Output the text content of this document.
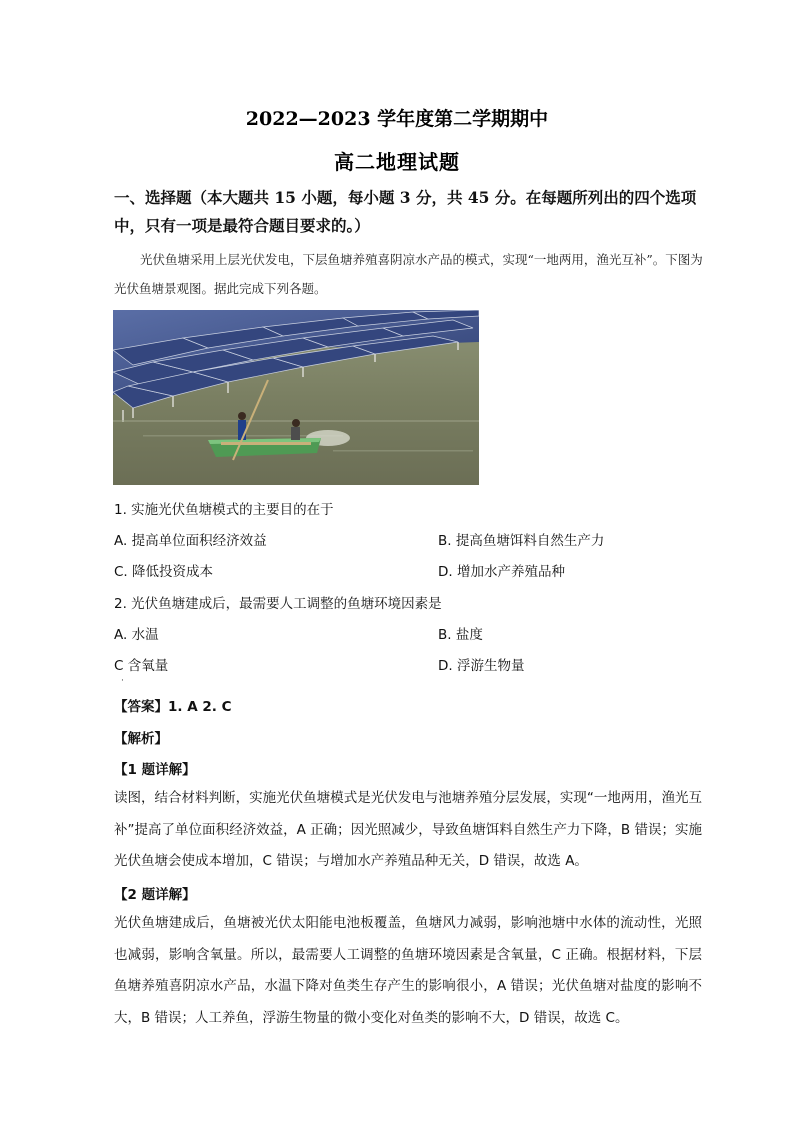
2022—2023 学年度第二学期期中
高二地理试题
一、选择题（本大题共 15 小题，每小题 3 分，共 45 分。在每题所列出的四个选项中，只有一项是最符合题目要求的。）
光伏鱼塘采用上层光伏发电，下层鱼塘养殖喜阴凉水产品的模式，实现“一地两用，渔光互补”。下图为光伏鱼塘景观图。据此完成下列各题。
1. 实施光伏鱼塘模式的主要目的在于
A. 提高单位面积经济效益	B. 提高鱼塘饵料自然生产力
C. 降低投资成本	D. 增加水产养殖品种
2. 光伏鱼塘建成后，最需要人工调整的鱼塘环境因素是
A. 水温	B. 盐度
C 含氧量	D. 浮游生物量
·
【答案】1. A 2. C
【解析】
【1 题详解】
读图，结合材料判断，实施光伏鱼塘模式是光伏发电与池塘养殖分层发展，实现“一地两用，渔光互补”提高了单位面积经济效益，A 正确；因光照减少，导致鱼塘饵料自然生产力下降，B 错误；实施光伏鱼塘会使成本增加，C 错误；与增加水产养殖品种无关，D 错误，故选 A。
【2 题详解】
光伏鱼塘建成后，鱼塘被光伏太阳能电池板覆盖，鱼塘风力减弱，影响池塘中水体的流动性，光照也减弱，影响含氧量。所以，最需要人工调整的鱼塘环境因素是含氧量，C 正确。根据材料，下层鱼塘养殖喜阴凉水产品，水温下降对鱼类生存产生的影响很小，A 错误；光伏鱼塘对盐度的影响不大，B 错误；人工养鱼，浮游生物量的微小变化对鱼类的影响不大，D 错误，故选 C。
